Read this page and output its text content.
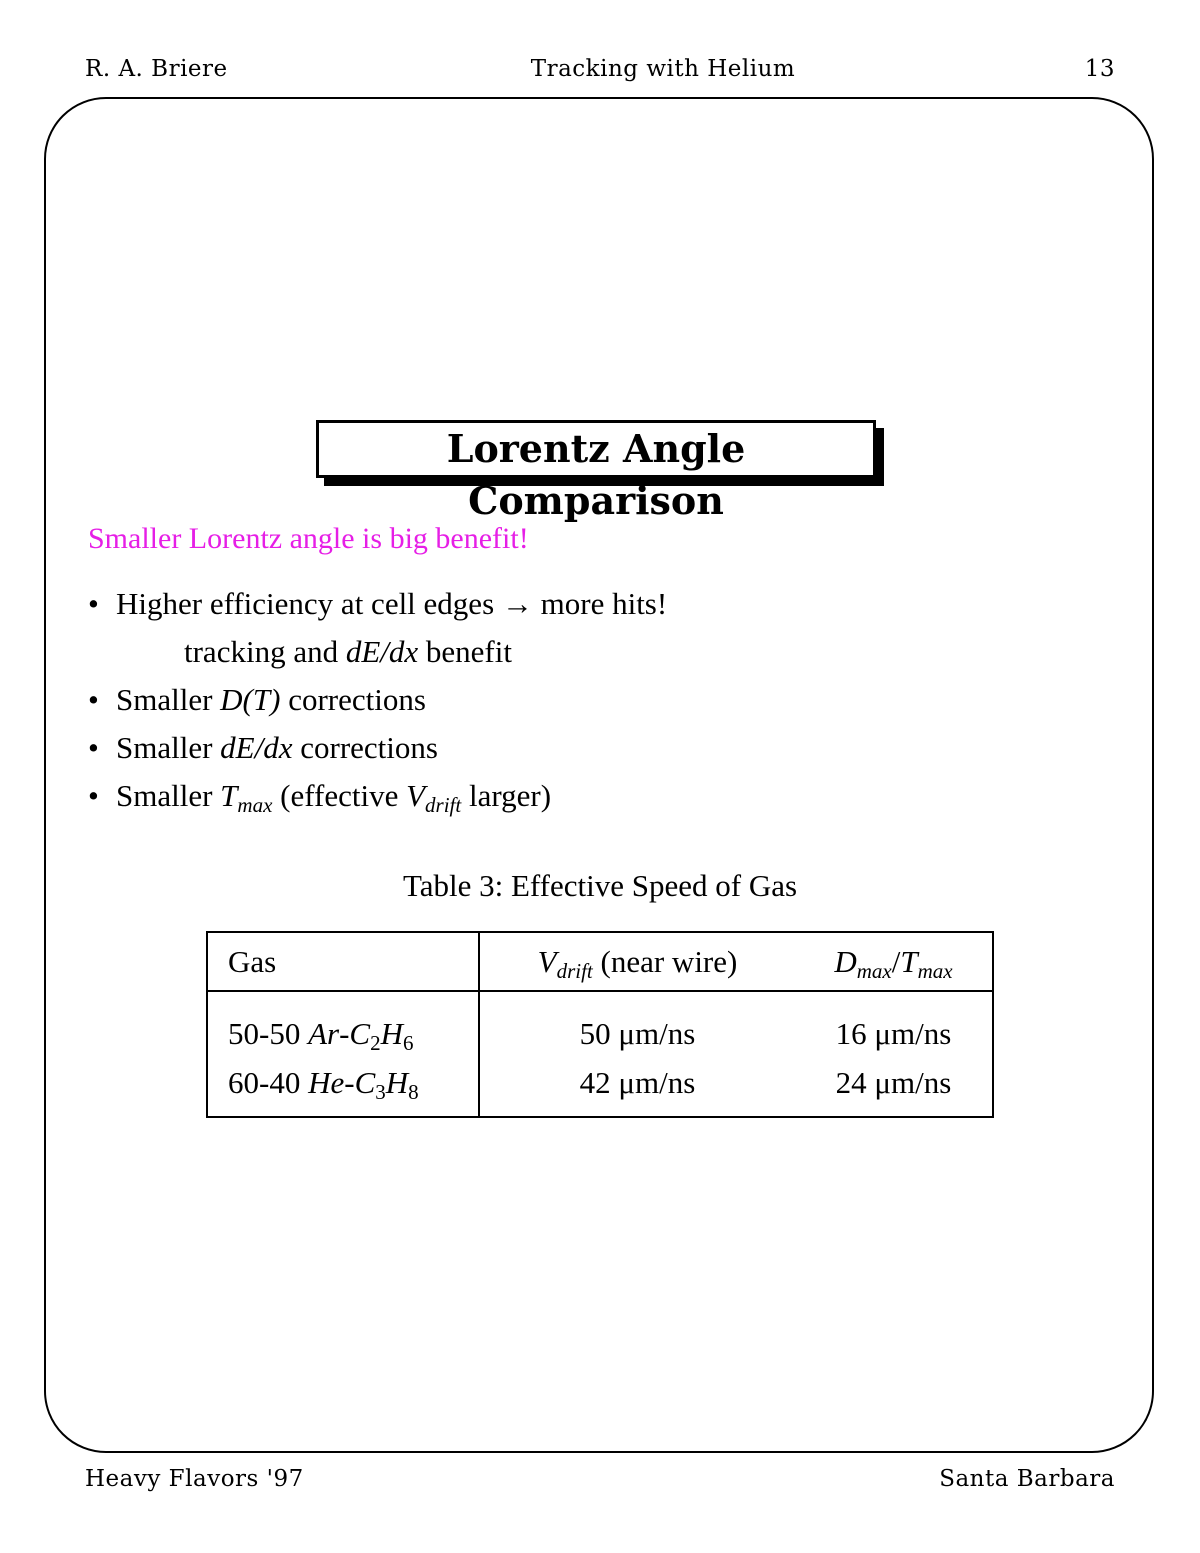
R. A. Briere	Tracking with Helium	13
Lorentz Angle Comparison
Smaller Lorentz angle is big benefit!
• Higher efficiency at cell edges → more hits!
tracking and dE/dx benefit
• Smaller D(T) corrections
• Smaller dE/dx corrections
• Smaller $T_{max}$ (effective $V_{drift}$ larger)
Table 3: Effective Speed of Gas
Gas	$V_{drift}$ (near wire)	$D_{max}/T_{max}$
50-50 $Ar-C_2H_6$	50 μm/ns	16 μm/ns
60-40 $He-C_3H_8$	42 μm/ns	24 μm/ns
Heavy Flavors '97	Santa Barbara
